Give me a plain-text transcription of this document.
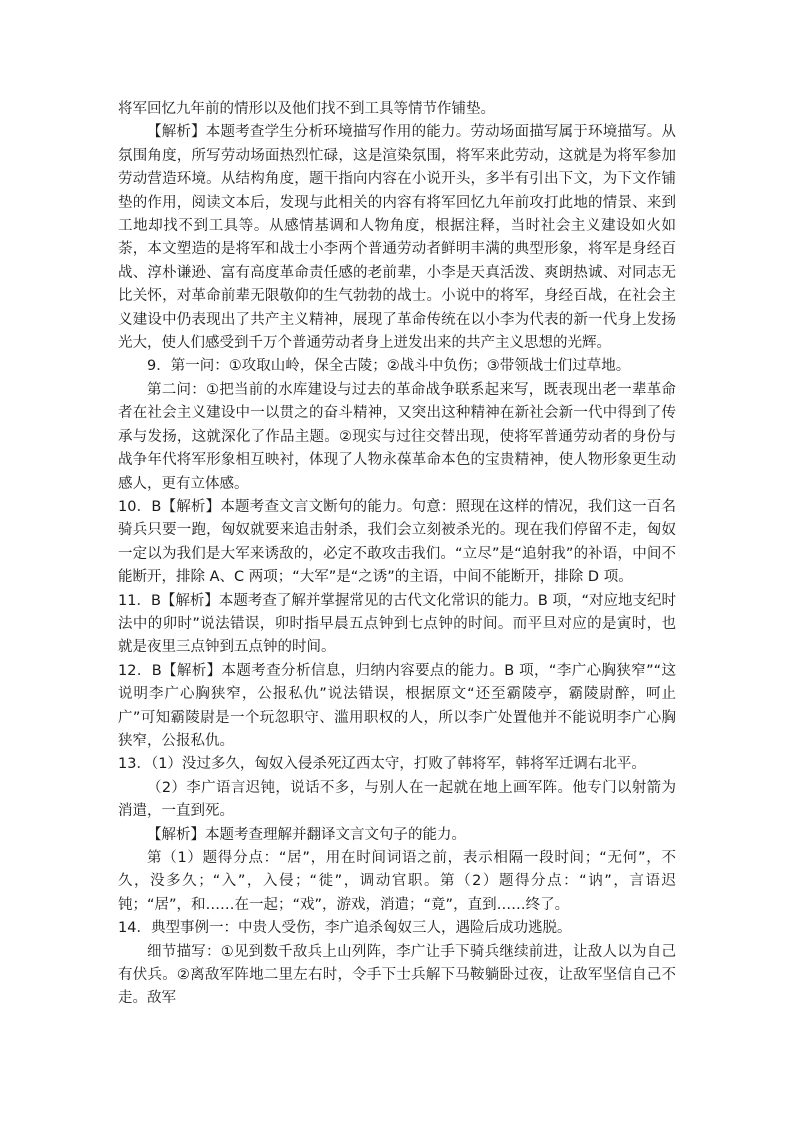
将军回忆九年前的情形以及他们找不到工具等情节作铺垫。

【解析】本题考查学生分析环境描写作用的能力。劳动场面描写属于环境描写。从氛围角度，所写劳动场面热烈忙碌，这是渲染氛围，将军来此劳动，这就是为将军参加劳动营造环境。从结构角度，题干指向内容在小说开头，多半有引出下文，为下文作铺垫的作用，阅读文本后，发现与此相关的内容有将军回忆九年前攻打此地的情景、来到工地却找不到工具等。从感情基调和人物角度，根据注释，当时社会主义建设如火如荼，本文塑造的是将军和战士小李两个普通劳动者鲜明丰满的典型形象，将军是身经百战、淳朴谦逊、富有高度革命责任感的老前辈，小李是天真活泼、爽朗热诚、对同志无比关怀，对革命前辈无限敬仰的生气勃勃的战士。小说中的将军，身经百战，在社会主义建设中仍表现出了共产主义精神，展现了革命传统在以小李为代表的新一代身上发扬光大，使人们感受到千万个普通劳动者身上迸发出来的共产主义思想的光辉。

9．第一问：①攻取山岭，保全古陵；②战斗中负伤；③带领战士们过草地。

第二问：①把当前的水库建设与过去的革命战争联系起来写，既表现出老一辈革命者在社会主义建设中一以贯之的奋斗精神，又突出这种精神在新社会新一代中得到了传承与发扬，这就深化了作品主题。②现实与过往交替出现，使将军普通劳动者的身份与战争年代将军形象相互映衬，体现了人物永葆革命本色的宝贵精神，使人物形象更生动感人，更有立体感。

10．B【解析】本题考查文言文断句的能力。句意：照现在这样的情况，我们这一百名骑兵只要一跑，匈奴就要来追击射杀，我们会立刻被杀光的。现在我们停留不走，匈奴一定以为我们是大军来诱敌的，必定不敢攻击我们。“立尽”是“追射我”的补语，中间不能断开，排除 A、C 两项；“大军”是“之诱”的主语，中间不能断开，排除 D 项。

11．B【解析】本题考查了解并掌握常见的古代文化常识的能力。B 项，“对应地支纪时法中的卯时”说法错误，卯时指早晨五点钟到七点钟的时间。而平旦对应的是寅时，也就是夜里三点钟到五点钟的时间。

12．B【解析】本题考查分析信息，归纳内容要点的能力。B 项，“李广心胸狭窄”“这说明李广心胸狭窄，公报私仇”说法错误，根据原文“还至霸陵亭，霸陵尉醉，呵止广”可知霸陵尉是一个玩忽职守、滥用职权的人，所以李广处置他并不能说明李广心胸狭窄，公报私仇。

13．（1）没过多久，匈奴入侵杀死辽西太守，打败了韩将军，韩将军迁调右北平。

（2）李广语言迟钝，说话不多，与别人在一起就在地上画军阵。他专门以射箭为消遣，一直到死。

【解析】本题考查理解并翻译文言文句子的能力。

第（1）题得分点：“居”，用在时间词语之前，表示相隔一段时间；“无何”，不久，没多久；“入”，入侵；“徙”，调动官职。第（2）题得分点：“讷”，言语迟钝；“居”，和……在一起；“戏”，游戏，消遣；“竟”，直到……终了。

14．典型事例一：中贵人受伤，李广追杀匈奴三人，遇险后成功逃脱。

细节描写：①见到数千敌兵上山列阵，李广让手下骑兵继续前进，让敌人以为自己有伏兵。②离敌军阵地二里左右时，令手下士兵解下马鞍躺卧过夜，让敌军坚信自己不走。敌军
